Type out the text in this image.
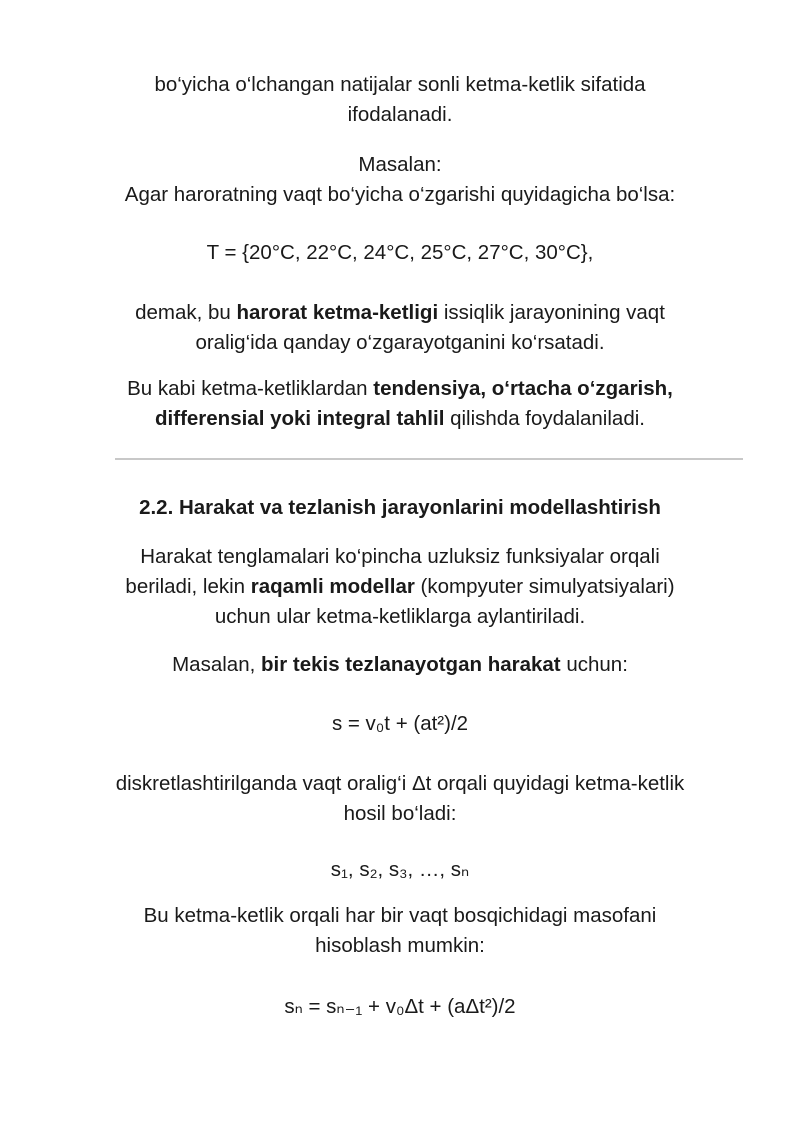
bo‘yicha o‘lchangan natijalar sonli ketma-ketlik sifatida
ifodalanadi.

Masalan:
Agar haroratning vaqt bo‘yicha o‘zgarishi quyidagicha bo‘lsa:

T = {20°C, 22°C, 24°C, 25°C, 27°C, 30°C},

demak, bu harorat ketma-ketligi issiqlik jarayonining vaqt
oralig‘ida qanday o‘zgarayotganini ko‘rsatadi.

Bu kabi ketma-ketliklardan tendensiya, o‘rtacha o‘zgarish,
differensial yoki integral tahlil qilishda foydalaniladi.

2.2. Harakat va tezlanish jarayonlarini modellashtirish

Harakat tenglamalari ko‘pincha uzluksiz funksiyalar orqali
beriladi, lekin raqamli modellar (kompyuter simulyatsiyalari)
uchun ular ketma-ketliklarga aylantiriladi.

Masalan, bir tekis tezlanayotgan harakat uchun:

s = v₀t + (at²)/2

diskretlashtirilganda vaqt oralig‘i Δt orqali quyidagi ketma-ketlik
hosil bo‘ladi:

s₁, s₂, s₃, …, sₙ

Bu ketma-ketlik orqali har bir vaqt bosqichidagi masofani
hisoblash mumkin:

sₙ = sₙ₋₁ + v₀Δt + (aΔt²)/2
